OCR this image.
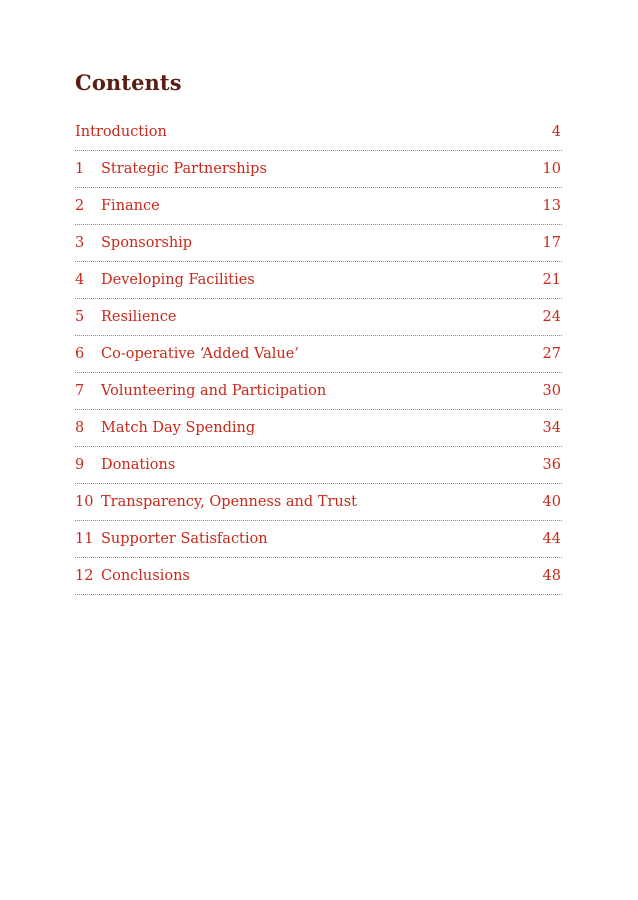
Contents
Introduction	4
1	Strategic Partnerships	10
2	Finance	13
3	Sponsorship	17
4	Developing Facilities	21
5	Resilience	24
6	Co-operative ‘Added Value’	27
7	Volunteering and Participation	30
8	Match Day Spending	34
9	Donations	36
10 Transparency, Openness and Trust	40
11 Supporter Satisfaction	44
12 Conclusions	48
